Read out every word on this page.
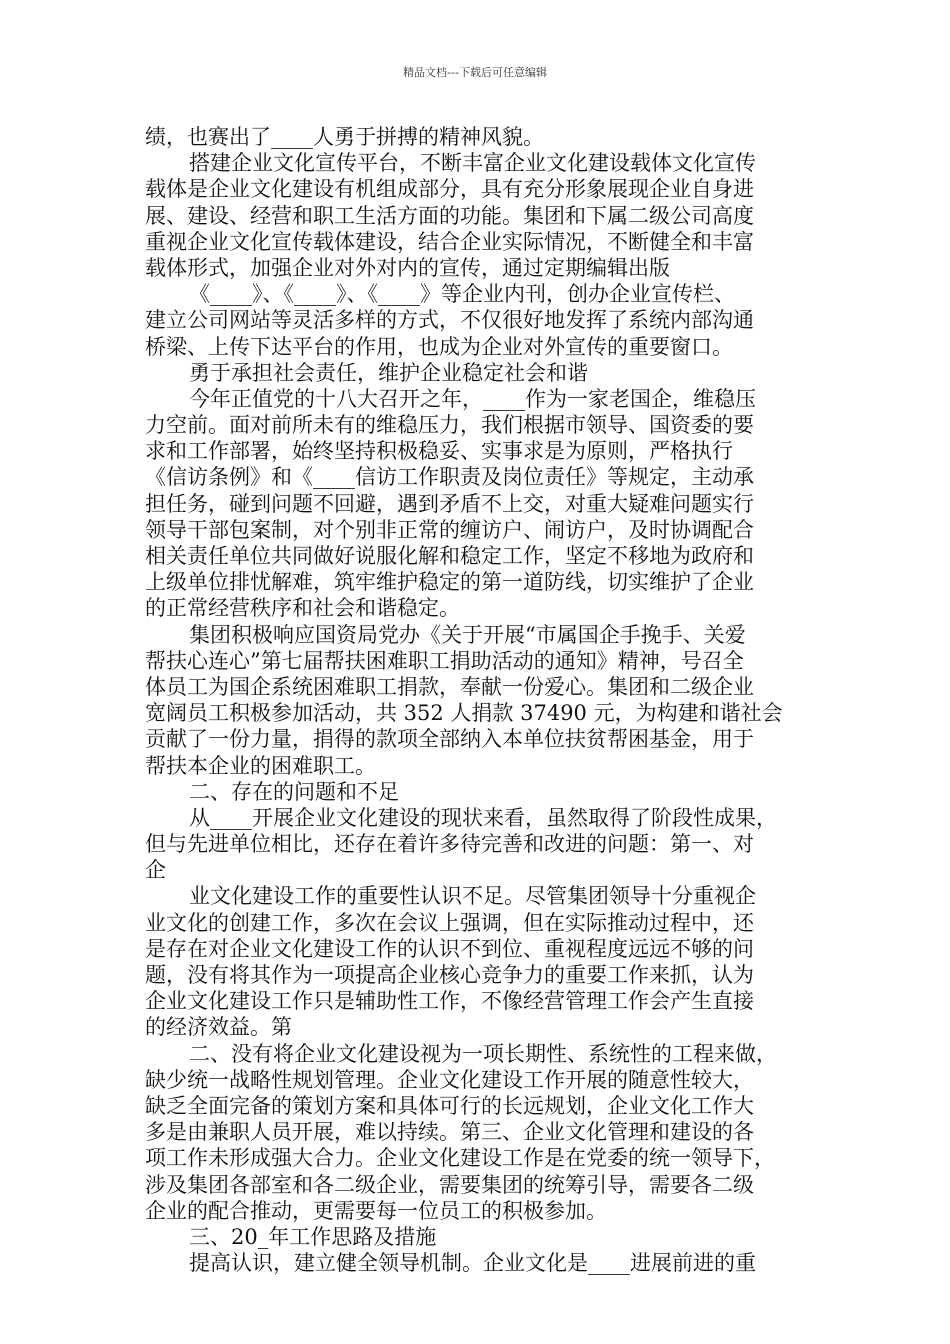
精品文档---下载后可任意编辑
绩，也赛出了____人勇于拼搏的精神风貌。
搭建企业文化宣传平台，不断丰富企业文化建设载体文化宣传
载体是企业文化建设有机组成部分，具有充分形象展现企业自身进
展、建设、经营和职工生活方面的功能。集团和下属二级公司高度
重视企业文化宣传载体建设，结合企业实际情况，不断健全和丰富
载体形式，加强企业对外对内的宣传，通过定期编辑出版
《____》、《____》、《____》等企业内刊，创办企业宣传栏、
建立公司网站等灵活多样的方式，不仅很好地发挥了系统内部沟通
桥梁、上传下达平台的作用，也成为企业对外宣传的重要窗口。
勇于承担社会责任，维护企业稳定社会和谐
今年正值党的十八大召开之年，____作为一家老国企，维稳压
力空前。面对前所未有的维稳压力，我们根据市领导、国资委的要
求和工作部署，始终坚持积极稳妥、实事求是为原则，严格执行
《信访条例》和《____信访工作职责及岗位责任》等规定，主动承
担任务，碰到问题不回避，遇到矛盾不上交，对重大疑难问题实行
领导干部包案制，对个别非正常的缠访户、闹访户，及时协调配合
相关责任单位共同做好说服化解和稳定工作，坚定不移地为政府和
上级单位排忧解难，筑牢维护稳定的第一道防线，切实维护了企业
的正常经营秩序和社会和谐稳定。
集团积极响应国资局党办《关于开展“市属国企手挽手、关爱
帮扶心连心”第七届帮扶困难职工捐助活动的通知》精神，号召全
体员工为国企系统困难职工捐款，奉献一份爱心。集团和二级企业
宽阔员工积极参加活动，共 352 人捐款 37490 元，为构建和谐社会
贡献了一份力量，捐得的款项全部纳入本单位扶贫帮困基金，用于
帮扶本企业的困难职工。
二、存在的问题和不足
从____开展企业文化建设的现状来看，虽然取得了阶段性成果，
但与先进单位相比，还存在着许多待完善和改进的问题：第一、对
企
业文化建设工作的重要性认识不足。尽管集团领导十分重视企
业文化的创建工作，多次在会议上强调，但在实际推动过程中，还
是存在对企业文化建设工作的认识不到位、重视程度远远不够的问
题，没有将其作为一项提高企业核心竞争力的重要工作来抓，认为
企业文化建设工作只是辅助性工作，不像经营管理工作会产生直接
的经济效益。第
二、没有将企业文化建设视为一项长期性、系统性的工程来做，
缺少统一战略性规划管理。企业文化建设工作开展的随意性较大，
缺乏全面完备的策划方案和具体可行的长远规划，企业文化工作大
多是由兼职人员开展，难以持续。第三、企业文化管理和建设的各
项工作未形成强大合力。企业文化建设工作是在党委的统一领导下，
涉及集团各部室和各二级企业，需要集团的统筹引导，需要各二级
企业的配合推动，更需要每一位员工的积极参加。
三、20_年工作思路及措施
提高认识，建立健全领导机制。企业文化是____进展前进的重
